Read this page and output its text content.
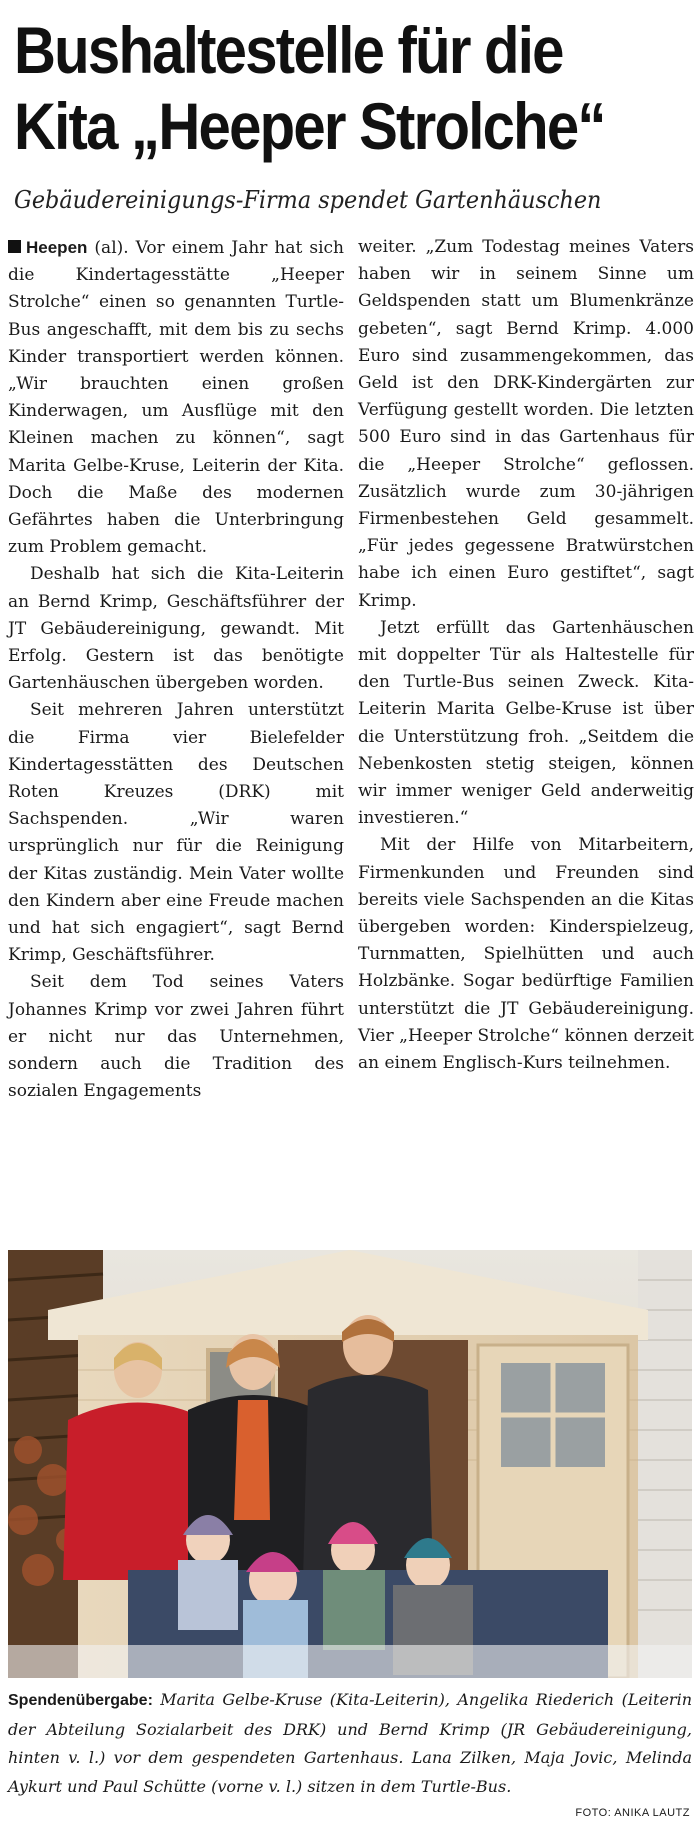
Bushaltestelle für die
Kita „Heeper Strolche“
Gebäudereinigungs-Firma spendet Gartenhäuschen

Heepen (al). Vor einem Jahr hat sich die Kindertagesstätte „Heeper Strolche“ einen so genannten Turtle-Bus angeschafft, mit dem bis zu sechs Kinder transportiert werden können. „Wir brauchten einen großen Kinderwagen, um Ausflüge mit den Kleinen machen zu können“, sagt Marita Gelbe-Kruse, Leiterin der Kita. Doch die Maße des modernen Gefährtes haben die Unterbringung zum Problem gemacht.

Deshalb hat sich die Kita-Leiterin an Bernd Krimp, Geschäftsführer der JT Gebäudereinigung, gewandt. Mit Erfolg. Gestern ist das benötigte Gartenhäuschen übergeben worden.

Seit mehreren Jahren unterstützt die Firma vier Bielefelder Kindertagesstätten des Deutschen Roten Kreuzes (DRK) mit Sachspenden. „Wir waren ursprünglich nur für die Reinigung der Kitas zuständig. Mein Vater wollte den Kindern aber eine Freude machen und hat sich engagiert“, sagt Bernd Krimp, Geschäftsführer.

Seit dem Tod seines Vaters Johannes Krimp vor zwei Jahren führt er nicht nur das Unternehmen, sondern auch die Tradition des sozialen Engagements

weiter. „Zum Todestag meines Vaters haben wir in seinem Sinne um Geldspenden statt um Blumenkränze gebeten“, sagt Bernd Krimp. 4.000 Euro sind zusammengekommen, das Geld ist den DRK-Kindergärten zur Verfügung gestellt worden. Die letzten 500 Euro sind in das Gartenhaus für die „Heeper Strolche“ geflossen. Zusätzlich wurde zum 30-jährigen Firmenbestehen Geld gesammelt. „Für jedes gegessene Bratwürstchen habe ich einen Euro gestiftet“, sagt Krimp.

Jetzt erfüllt das Gartenhäuschen mit doppelter Tür als Haltestelle für den Turtle-Bus seinen Zweck. Kita-Leiterin Marita Gelbe-Kruse ist über die Unterstützung froh. „Seitdem die Nebenkosten stetig steigen, können wir immer weniger Geld anderweitig investieren.“

Mit der Hilfe von Mitarbeitern, Firmenkunden und Freunden sind bereits viele Sachspenden an die Kitas übergeben worden: Kinderspielzeug, Turnmatten, Spielhütten und auch Holzbänke. Sogar bedürftige Familien unterstützt die JT Gebäudereinigung. Vier „Heeper Strolche“ können derzeit an einem Englisch-Kurs teilnehmen.

Spendenübergabe: Marita Gelbe-Kruse (Kita-Leiterin), Angelika Riederich (Leiterin der Abteilung Sozialarbeit des DRK) und Bernd Krimp (JR Gebäudereinigung, hinten v. l.) vor dem gespendeten Gartenhaus. Lana Zilken, Maja Jovic, Melinda Aykurt und Paul Schütte (vorne v. l.) sitzen in dem Turtle-Bus.
FOTO: ANIKA LAUTZ
